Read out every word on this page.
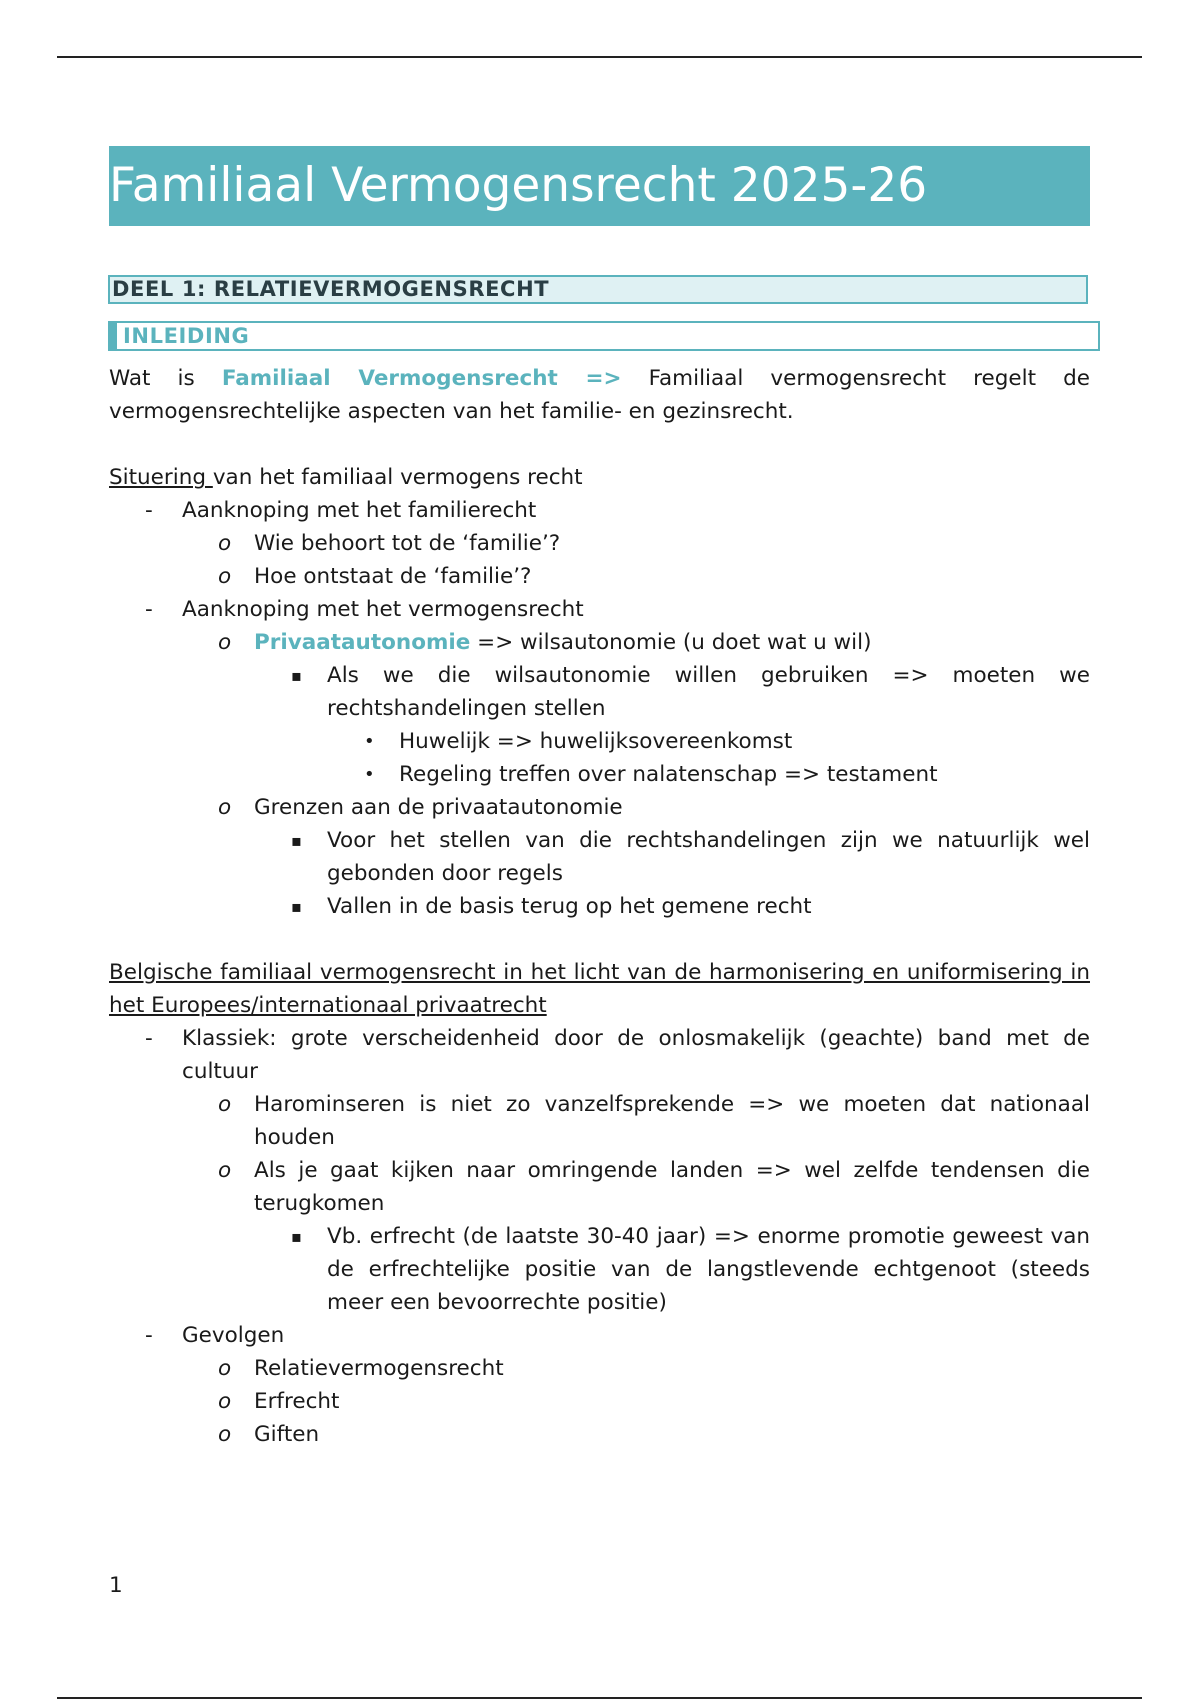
Familiaal Vermogensrecht 2025-26
DEEL 1: RELATIEVERMOGENSRECHT
INLEIDING

Wat is Familiaal Vermogensrecht => Familiaal vermogensrecht regelt de vermogensrechtelijke aspecten van het familie- en gezinsrecht.

Situering van het familiaal vermogens recht

- Aanknoping met het familierecht
o Wie behoort tot de ‘familie’?
o Hoe ontstaat de ‘familie’?
- Aanknoping met het vermogensrecht
o Privaatautonomie => wilsautonomie (u doet wat u wil)
▪ Als we die wilsautonomie willen gebruiken => moeten we rechtshandelingen stellen
• Huwelijk => huwelijksovereenkomst
• Regeling treffen over nalatenschap => testament
o Grenzen aan de privaatautonomie
▪ Voor het stellen van die rechtshandelingen zijn we natuurlijk wel gebonden door regels
▪ Vallen in de basis terug op het gemene recht

Belgische familiaal vermogensrecht in het licht van de harmonisering en uniformisering in het Europees/internationaal privaatrecht

- Klassiek: grote verscheidenheid door de onlosmakelijk (geachte) band met de cultuur
o Harominseren is niet zo vanzelfsprekende => we moeten dat nationaal houden
o Als je gaat kijken naar omringende landen => wel zelfde tendensen die terugkomen
▪ Vb. erfrecht (de laatste 30-40 jaar) => enorme promotie geweest van de erfrechtelijke positie van de langstlevende echtgenoot (steeds meer een bevoorrechte positie)
- Gevolgen
o Relatievermogensrecht
o Erfrecht
o Giften
1
